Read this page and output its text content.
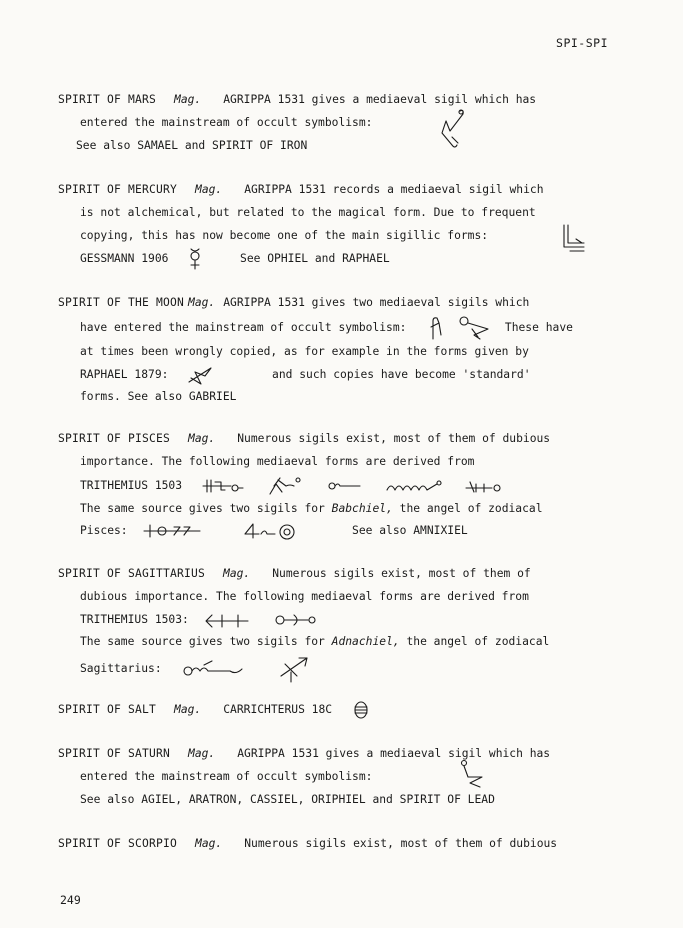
SPI-SPI
SPIRIT OF MARS Mag. AGRIPPA 1531 gives a mediaeval sigil which has
entered the mainstream of occult symbolism:
See also SAMAEL and SPIRIT OF IRON
SPIRIT OF MERCURY Mag. AGRIPPA 1531 records a mediaeval sigil which
is not alchemical, but related to the magical form. Due to frequent
copying, this has now become one of the main sigillic forms:
GESSMANN 1906	See OPHIEL and RAPHAEL
SPIRIT OF THE MOON Mag. AGRIPPA 1531 gives two mediaeval sigils which
have entered the mainstream of occult symbolism:
	These have
at times been wrongly copied, as for example in the forms given by
RAPHAEL 1879:	and such copies have become 'standard'
forms. See also GABRIEL
SPIRIT OF PISCES Mag. Numerous sigils exist, most of them of dubious
importance. The following mediaeval forms are derived from
TRITHEMIUS 1503

The same source gives two sigils for Babchiel, the angel of zodiacal
Pisces:
	See also AMNIXIEL
SPIRIT OF SAGITTARIUS Mag. Numerous sigils exist, most of them of
dubious importance. The following mediaeval forms are derived from
TRITHEMIUS 1503:

The same source gives two sigils for Adnachiel, the angel of zodiacal
Sagittarius:

SPIRIT OF SALT Mag. CARRICHTERUS 18C
SPIRIT OF SATURN Mag. AGRIPPA 1531 gives a mediaeval sigil which has
entered the mainstream of occult symbolism:
See also AGIEL, ARATRON, CASSIEL, ORIPHIEL and SPIRIT OF LEAD
SPIRIT OF SCORPIO Mag. Numerous sigils exist, most of them of dubious
249
